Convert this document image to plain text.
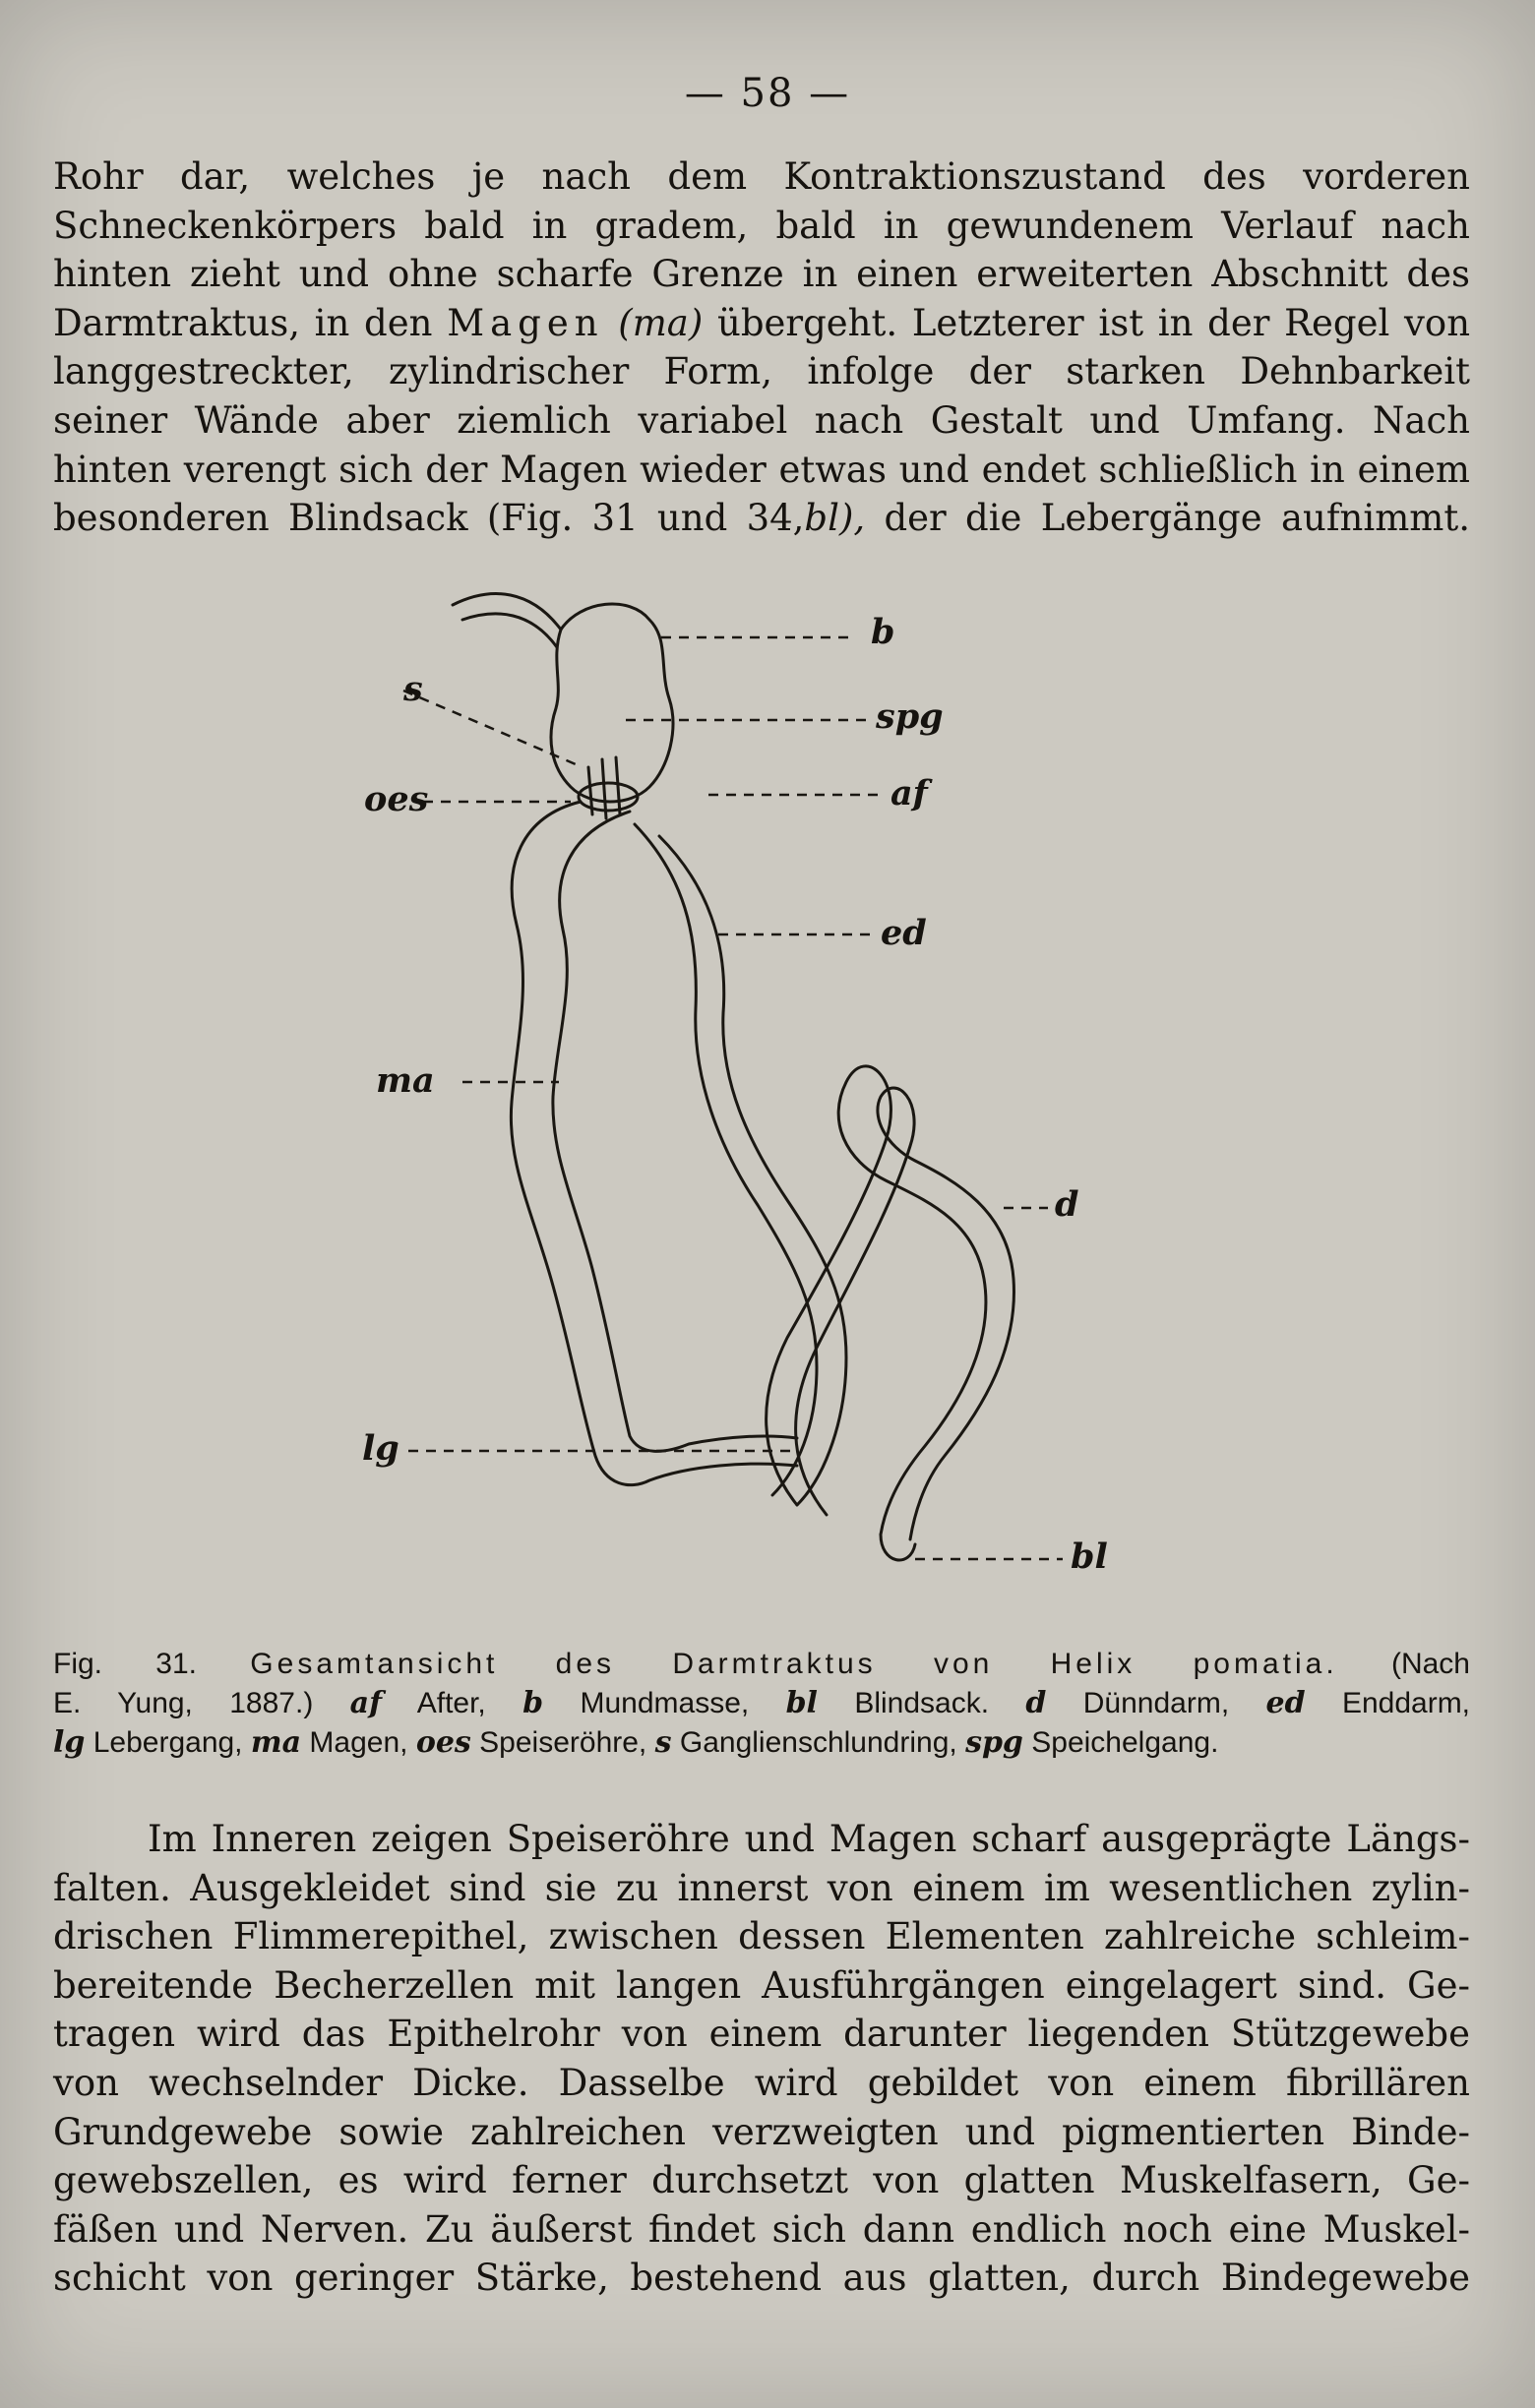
— 58 —
Rohr dar, welches je nach dem Kontraktionszustand des vorderen
Schneckenkörpers bald in gradem, bald in gewundenem Verlauf nach
hinten zieht und ohne scharfe Grenze in einen erweiterten Abschnitt des
Darmtraktus, in den Magen (ma) übergeht. Letzterer ist in der Regel von
langgestreckter, zylindrischer Form, infolge der starken Dehnbarkeit
seiner Wände aber ziemlich variabel nach Gestalt und Umfang. Nach
hinten verengt sich der Magen wieder etwas und endet schließlich in einem
besonderen Blindsack (Fig. 31 und 34,bl), der die Lebergänge aufnimmt.
b
s
spg
oes	af
ed
ma
d
lg
bl
Fig. 31. Gesamtansicht des Darmtraktus von Helix pomatia. (Nach
E. Yung, 1887.) af After, b Mundmasse, bl Blindsack. d Dünndarm, ed Enddarm,
lg Lebergang, ma Magen, oes Speiseröhre, s Ganglienschlundring, spg Speichelgang.
Im Inneren zeigen Speiseröhre und Magen scharf ausgeprägte Längs-
falten. Ausgekleidet sind sie zu innerst von einem im wesentlichen zylin-
drischen Flimmerepithel, zwischen dessen Elementen zahlreiche schleim-
bereitende Becherzellen mit langen Ausführgängen eingelagert sind. Ge-
tragen wird das Epithelrohr von einem darunter liegenden Stützgewebe
von wechselnder Dicke. Dasselbe wird gebildet von einem fibrillären
Grundgewebe sowie zahlreichen verzweigten und pigmentierten Binde-
gewebszellen, es wird ferner durchsetzt von glatten Muskelfasern, Ge-
fäßen und Nerven. Zu äußerst findet sich dann endlich noch eine Muskel-
schicht von geringer Stärke, bestehend aus glatten, durch Bindegewebe
